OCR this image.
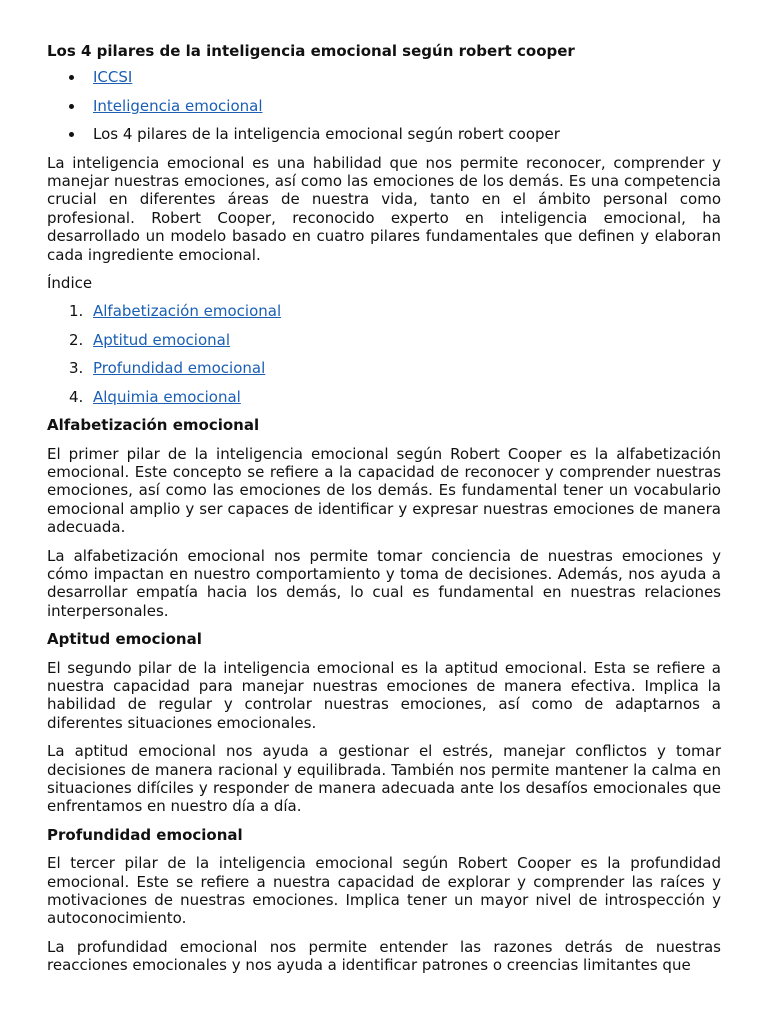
Los 4 pilares de la inteligencia emocional según robert cooper
ICCSI
Inteligencia emocional
Los 4 pilares de la inteligencia emocional según robert cooper

La inteligencia emocional es una habilidad que nos permite reconocer, comprender y manejar nuestras emociones, así como las emociones de los demás. Es una competencia crucial en diferentes áreas de nuestra vida, tanto en el ámbito personal como profesional. Robert Cooper, reconocido experto en inteligencia emocional, ha desarrollado un modelo basado en cuatro pilares fundamentales que definen y elaboran cada ingrediente emocional.

Índice
1. Alfabetización emocional
2. Aptitud emocional
3. Profundidad emocional
4. Alquimia emocional
Alfabetización emocional

El primer pilar de la inteligencia emocional según Robert Cooper es la alfabetización emocional. Este concepto se refiere a la capacidad de reconocer y comprender nuestras emociones, así como las emociones de los demás. Es fundamental tener un vocabulario emocional amplio y ser capaces de identificar y expresar nuestras emociones de manera adecuada.

La alfabetización emocional nos permite tomar conciencia de nuestras emociones y cómo impactan en nuestro comportamiento y toma de decisiones. Además, nos ayuda a desarrollar empatía hacia los demás, lo cual es fundamental en nuestras relaciones interpersonales.

Aptitud emocional

El segundo pilar de la inteligencia emocional es la aptitud emocional. Esta se refiere a nuestra capacidad para manejar nuestras emociones de manera efectiva. Implica la habilidad de regular y controlar nuestras emociones, así como de adaptarnos a diferentes situaciones emocionales.

La aptitud emocional nos ayuda a gestionar el estrés, manejar conflictos y tomar decisiones de manera racional y equilibrada. También nos permite mantener la calma en situaciones difíciles y responder de manera adecuada ante los desafíos emocionales que enfrentamos en nuestro día a día.

Profundidad emocional

El tercer pilar de la inteligencia emocional según Robert Cooper es la profundidad emocional. Este se refiere a nuestra capacidad de explorar y comprender las raíces y motivaciones de nuestras emociones. Implica tener un mayor nivel de introspección y autoconocimiento.

La profundidad emocional nos permite entender las razones detrás de nuestras reacciones emocionales y nos ayuda a identificar patrones o creencias limitantes que
